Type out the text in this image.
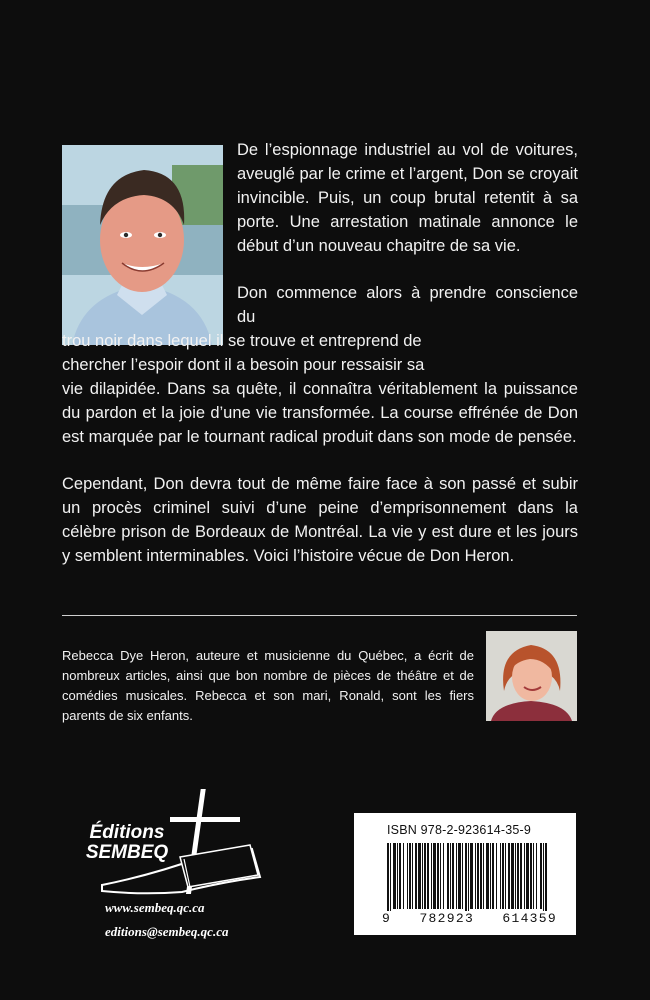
De l’espionnage industriel au vol de voitures, aveuglé par le crime et l’argent, Don se croyait invincible. Puis, un coup brutal retentit à sa porte. Une arrestation matinale annonce le début d’un nouveau chapitre de sa vie.

Don commence alors à prendre conscience du
trou noir dans lequel il se trouve et entreprend de
chercher l’espoir dont il a besoin pour ressaisir sa
vie dilapidée. Dans sa quête, il connaîtra véritablement la puissance du pardon et la joie d’une vie transformée. La course effrénée de Don est marquée par le tournant radical produit dans son mode de pensée.

Cependant, Don devra tout de même faire face à son passé et subir un procès criminel suivi d’une peine d’emprisonnement dans la célèbre prison de Bordeaux de Montréal. La vie y est dure et les jours y semblent interminables. Voici l’histoire vécue de Don Heron.

Rebecca Dye Heron, auteure et musicienne du Québec, a écrit de nombreux articles, ainsi que bon nombre de pièces de théâtre et de comédies musicales. Rebecca et son mari, Ronald, sont les fiers parents de six enfants.
Éditions
SEMBEQ
www.sembeq.qc.ca
editions@sembeq.qc.ca
ISBN 978-2-923614-35-9
9 782923 614359
